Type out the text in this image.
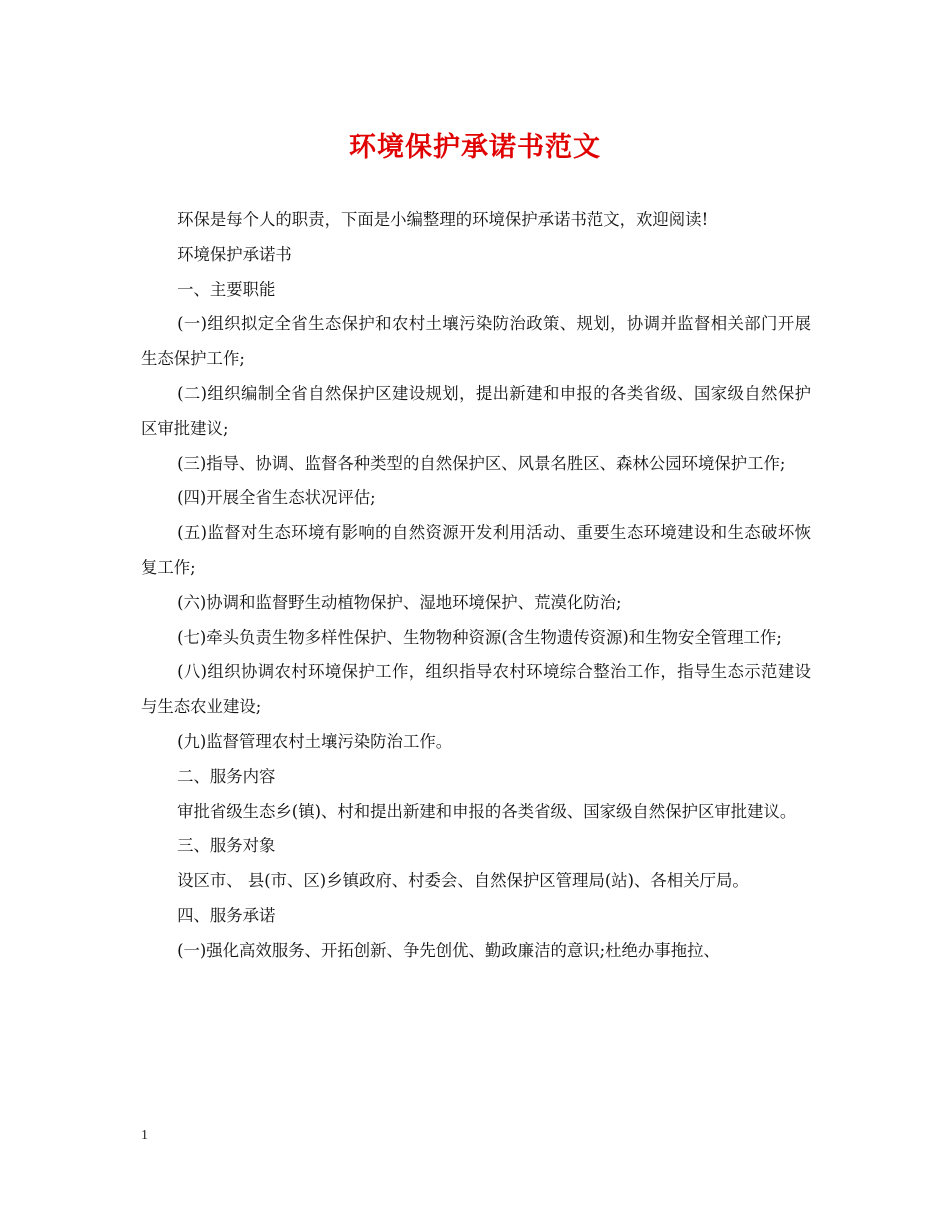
环境保护承诺书范文

环保是每个人的职责，下面是小编整理的环境保护承诺书范文，欢迎阅读!

环境保护承诺书

一、主要职能

(一)组织拟定全省生态保护和农村土壤污染防治政策、规划，协调并监督相关部门开展生态保护工作;

(二)组织编制全省自然保护区建设规划，提出新建和申报的各类省级、国家级自然保护区审批建议;

(三)指导、协调、监督各种类型的自然保护区、风景名胜区、森林公园环境保护工作;

(四)开展全省生态状况评估;

(五)监督对生态环境有影响的自然资源开发利用活动、重要生态环境建设和生态破坏恢复工作;

(六)协调和监督野生动植物保护、湿地环境保护、荒漠化防治;

(七)牵头负责生物多样性保护、生物物种资源(含生物遗传资源)和生物安全管理工作;

(八)组织协调农村环境保护工作，组织指导农村环境综合整治工作，指导生态示范建设与生态农业建设;

(九)监督管理农村土壤污染防治工作。

二、服务内容

审批省级生态乡(镇)、村和提出新建和申报的各类省级、国家级自然保护区审批建议。

三、服务对象

设区市、 县(市、区)乡镇政府、村委会、自然保护区管理局(站)、各相关厅局。

四、服务承诺

(一)强化高效服务、开拓创新、争先创优、勤政廉洁的意识;杜绝办事拖拉、

1
